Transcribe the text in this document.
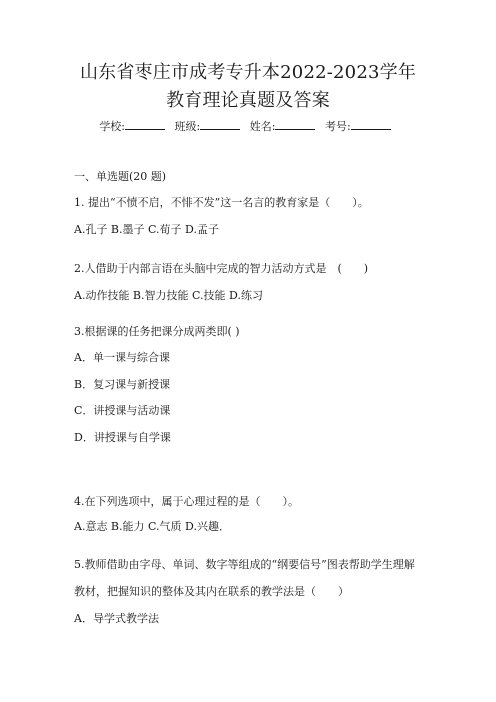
山东省枣庄市成考专升本2022-2023学年
教育理论真题及答案
学校:	班级:	姓名:	考号:
一、单选题(20 题)
1. 提出“不愤不启，不悱不发”这一名言的教育家是（　　）。
A.孔子 B.墨子 C.荀子 D.孟子
2.人借助于内部言语在头脑中完成的智力活动方式是　(　　)
A.动作技能 B.智力技能 C.技能 D.练习
3.根据课的任务把课分成两类即( )
A．单一课与综合课
B．复习课与新授课
C．讲授课与活动课
D．讲授课与自学课
4.在下列选项中，属于心理过程的是（　　）。
A.意志 B.能力 C.气质 D.兴趣．
5.教师借助由字母、单词、数字等组成的“纲要信号”图表帮助学生理解
教材，把握知识的整体及其内在联系的教学法是（　　）
A．导学式教学法
